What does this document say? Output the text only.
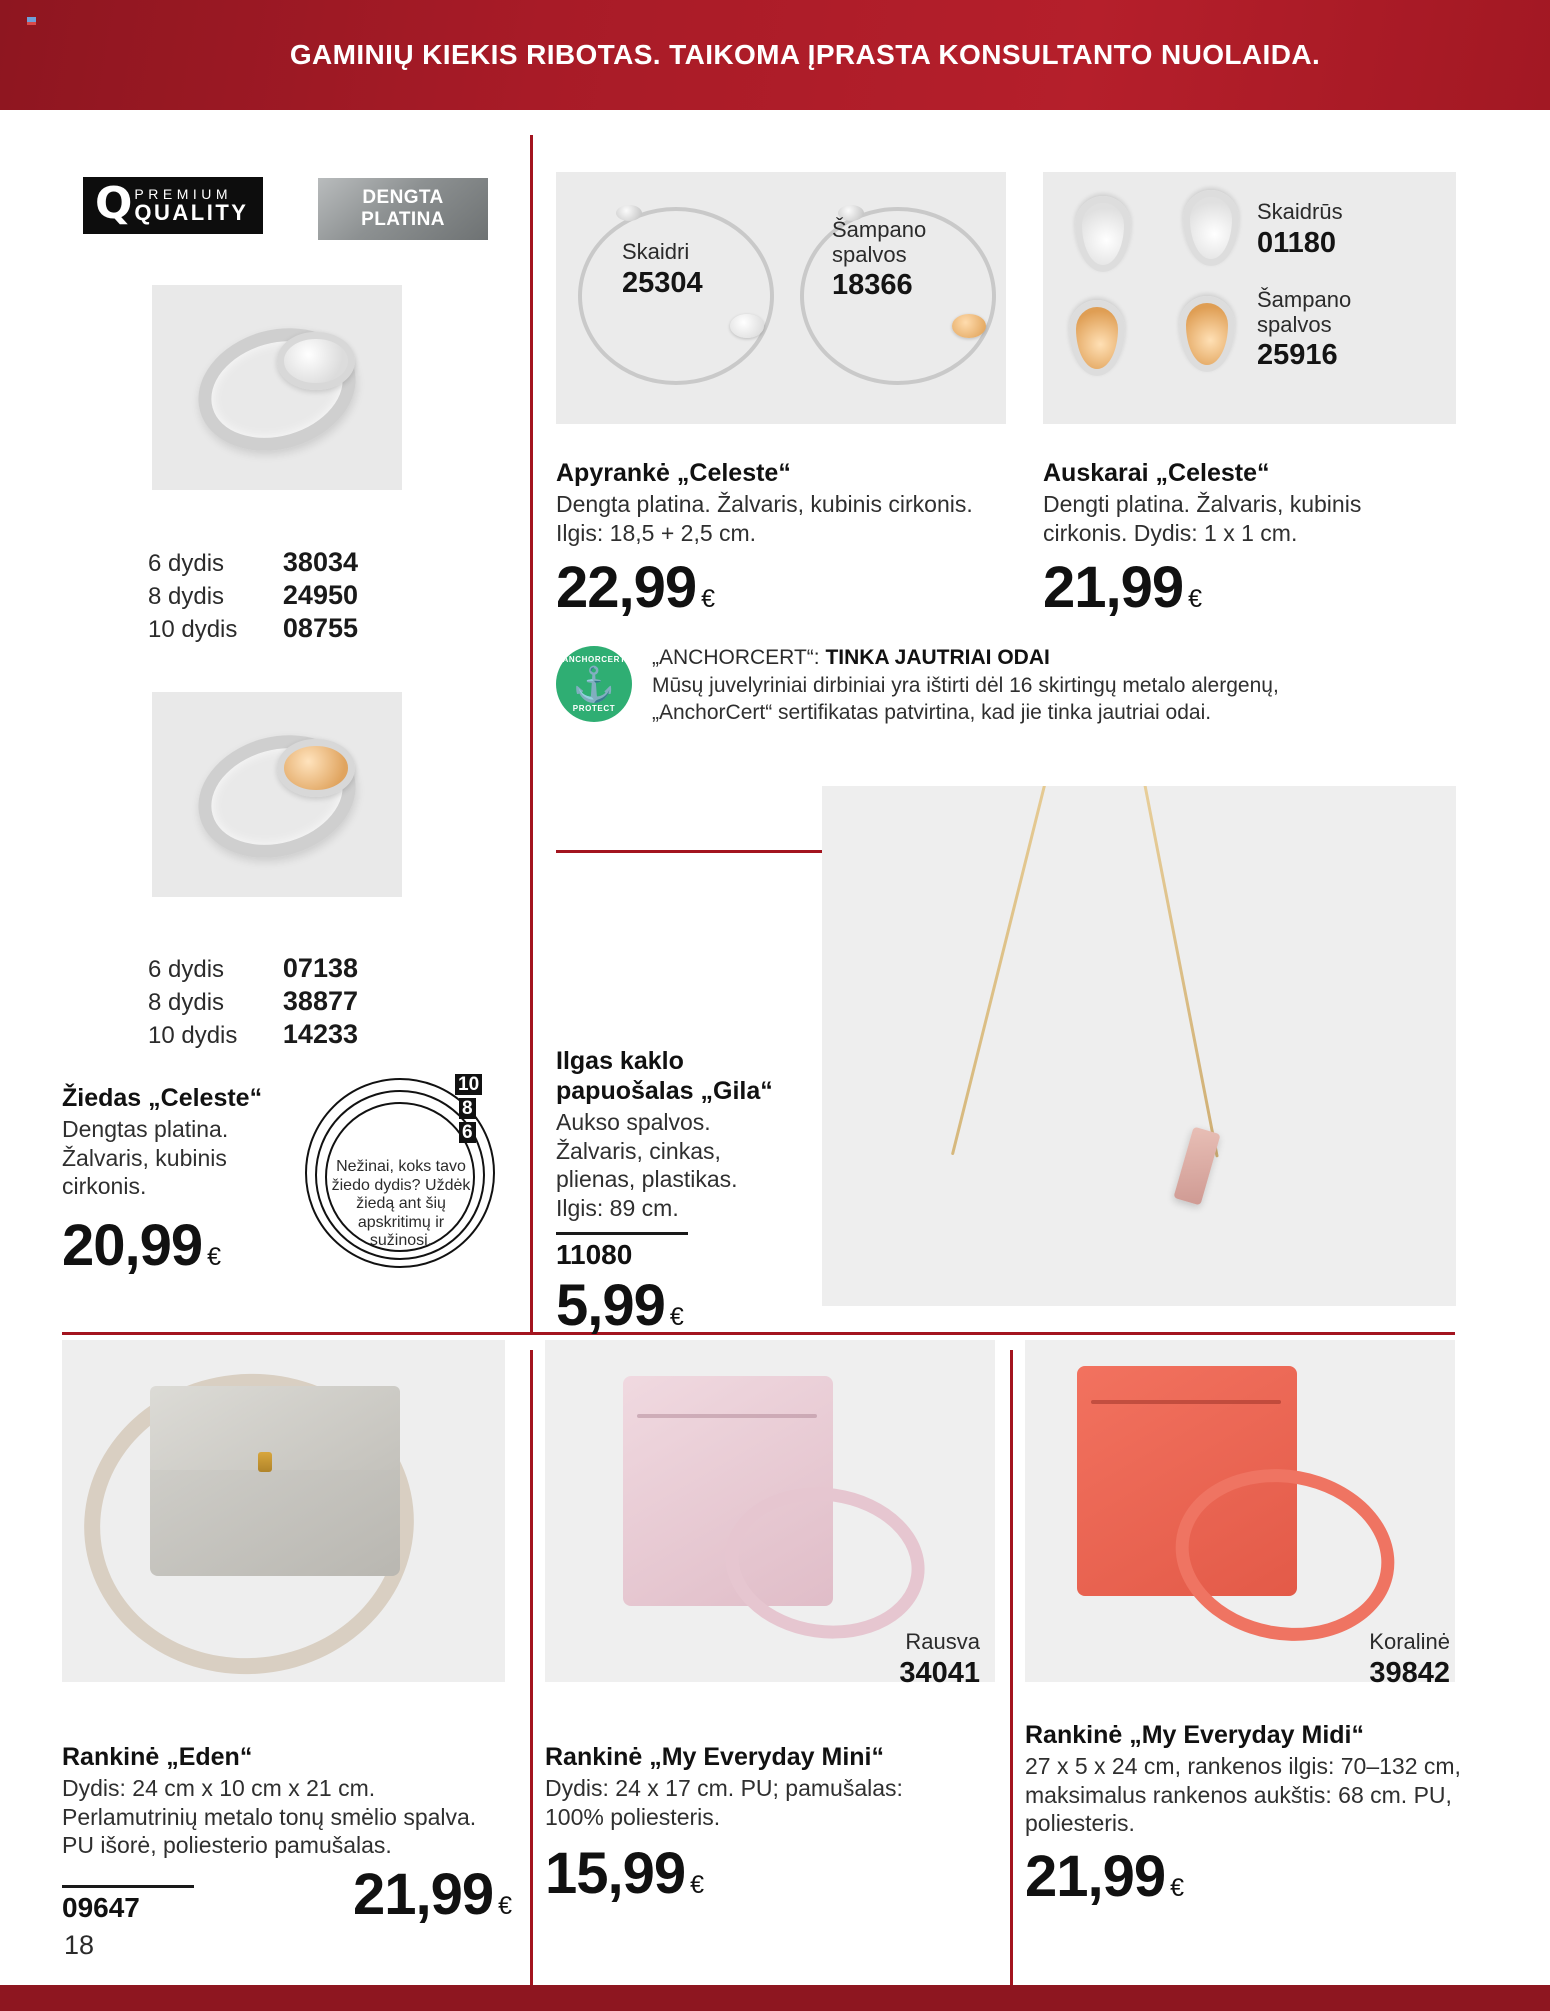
GAMINIŲ KIEKIS RIBOTAS. TAIKOMA ĮPRASTA KONSULTANTO NUOLAIDA.
Q PREMIUM
QUALITY
DENGTA
PLATINA
6 dydis 38034
8 dydis 24950
10 dydis 08755
6 dydis 07138
8 dydis 38877
10 dydis 14233
Žiedas „Celeste“
Dengtas platina.
Žalvaris, kubinis
cirkonis.
20,99 €
10
8
6
Nežinai, koks tavo žiedo dydis? Uždėk žiedą ant šių apskritimų ir sužinosi.
Skaidri
25304
Šampano spalvos
18366
Apyrankė „Celeste“
Dengta platina. Žalvaris, kubinis cirkonis.
Ilgis: 18,5 + 2,5 cm.
22,99 €
Skaidrūs
01180
Šampano spalvos
25916
Auskarai „Celeste“
Dengti platina. Žalvaris, kubinis
cirkonis. Dydis: 1 x 1 cm.
21,99 €
ANCHORCERT
⚓
PROTECT
„ANCHORCERT“: TINKA JAUTRIAI ODAI
Mūsų juvelyriniai dirbiniai yra ištirti dėl 16 skirtingų metalo alergenų,
„AnchorCert“ sertifikatas patvirtina, kad jie tinka jautriai odai.
Ilgas kaklo
papuošalas „Gila“
Aukso spalvos.
Žalvaris, cinkas,
plienas, plastikas.
Ilgis: 89 cm.
11080
5,99 €
Rankinė „Eden“
Dydis: 24 cm x 10 cm x 21 cm.
Perlamutrinių metalo tonų smėlio spalva.
PU išorė, poliesterio pamušalas.
09647	21,99 €
Rausva
34041
Rankinė „My Everyday Mini“
Dydis: 24 x 17 cm. PU; pamušalas:
100% poliesteris.
15,99 €
Koralinė
39842
Rankinė „My Everyday Midi“
27 x 5 x 24 cm, rankenos ilgis: 70–132 cm,
maksimalus rankenos aukštis: 68 cm. PU,
poliesteris.
21,99 €
18
